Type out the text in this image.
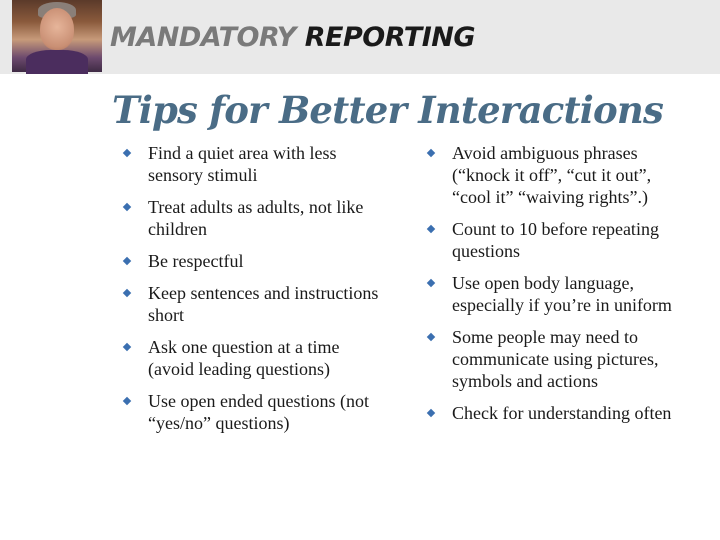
MANDATORY REPORTING
Tips for Better Interactions
Find a quiet area with less sensory stimuli
Treat adults as adults, not like children
Be respectful
Keep sentences and instructions short
Ask one question at a time (avoid leading questions)
Use open ended questions (not “yes/no” questions)
Avoid ambiguous phrases (“knock it off”, “cut it out”, “cool it” “waiving rights”.)
Count to 10 before repeating questions
Use open body language, especially if you’re in uniform
Some people may need to communicate using pictures, symbols and actions
Check for understanding often
